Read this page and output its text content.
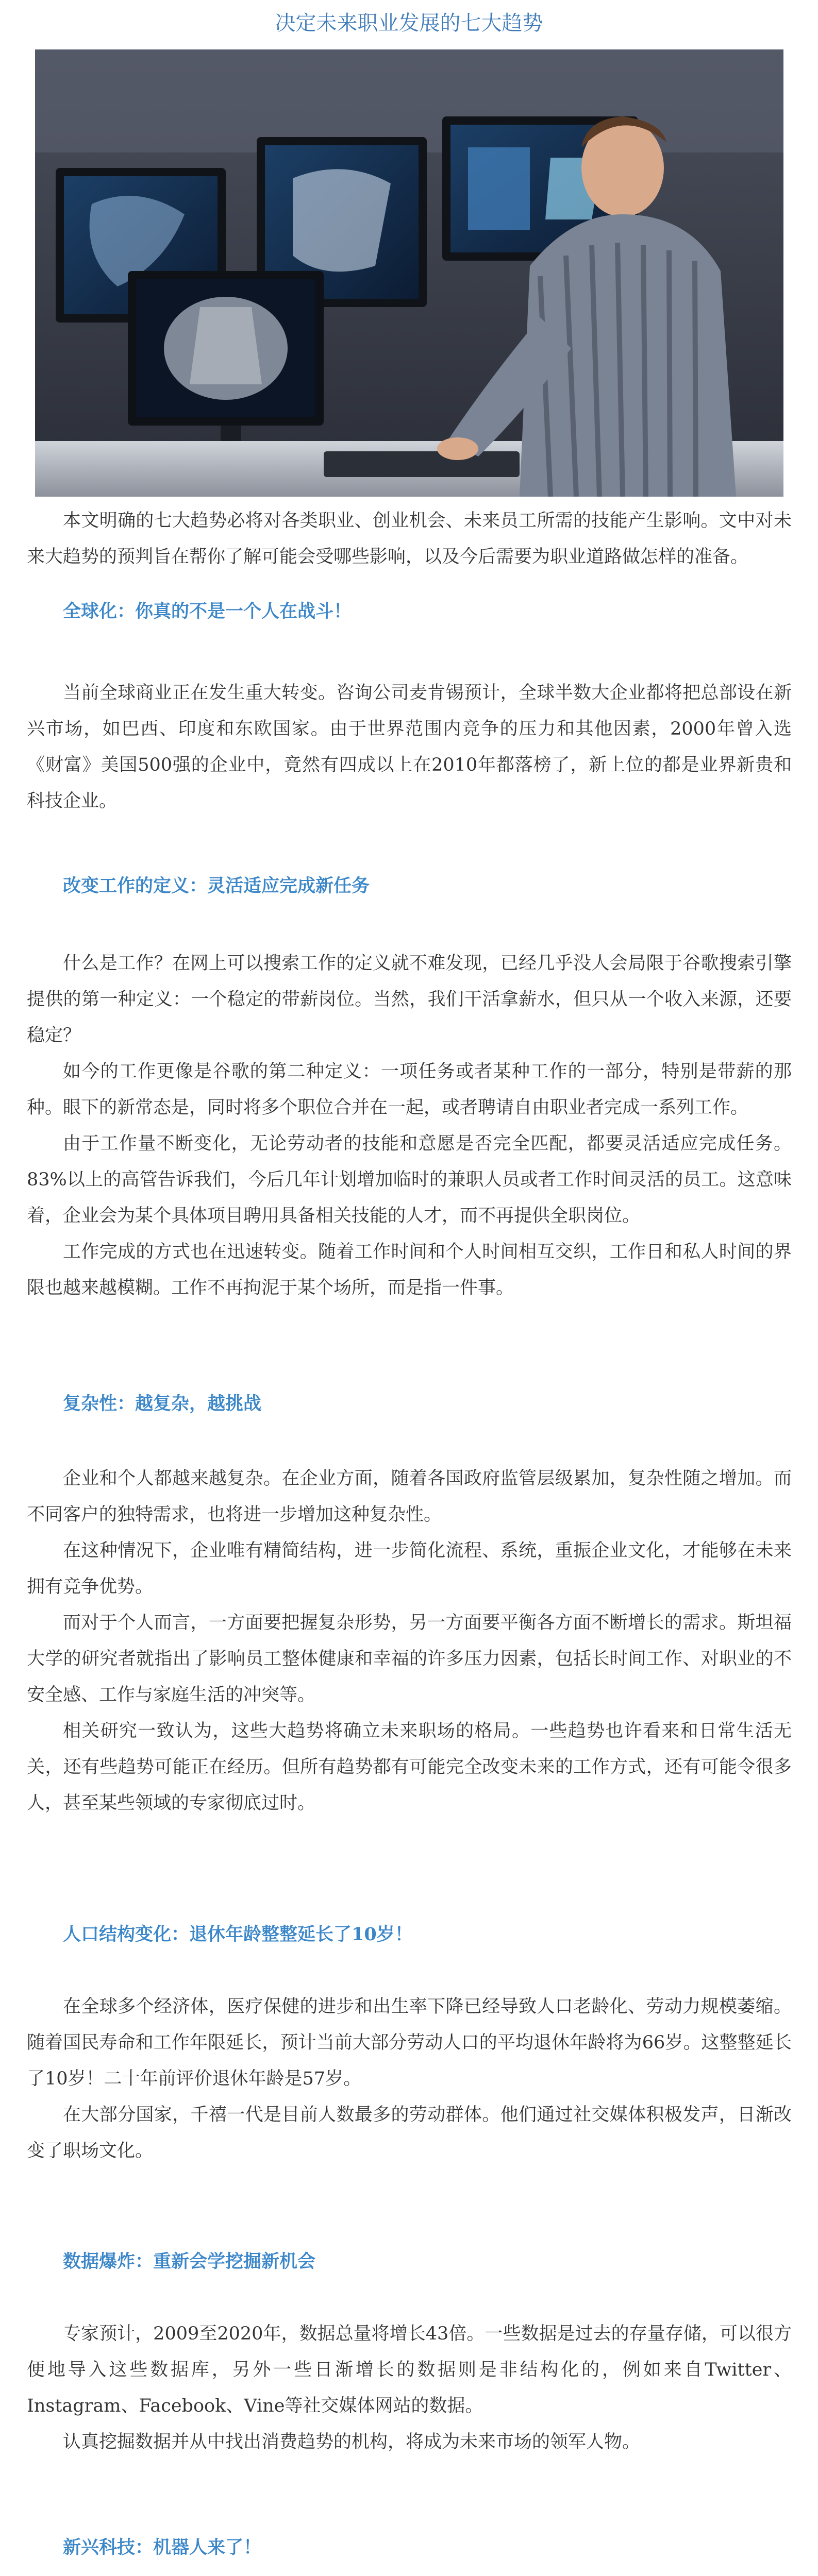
决定未来职业发展的七大趋势

本文明确的七大趋势必将对各类职业、创业机会、未来员工所需的技能产生影响。文中对未来大趋势的预判旨在帮你了解可能会受哪些影响，以及今后需要为职业道路做怎样的准备。

全球化：你真的不是一个人在战斗！

当前全球商业正在发生重大转变。咨询公司麦肯锡预计，全球半数大企业都将把总部设在新兴市场，如巴西、印度和东欧国家。由于世界范围内竞争的压力和其他因素，2000年曾入选《财富》美国500强的企业中，竟然有四成以上在2010年都落榜了，新上位的都是业界新贵和科技企业。

改变工作的定义：灵活适应完成新任务

什么是工作？在网上可以搜索工作的定义就不难发现，已经几乎没人会局限于谷歌搜索引擎提供的第一种定义：一个稳定的带薪岗位。当然，我们干活拿薪水，但只从一个收入来源，还要稳定？

如今的工作更像是谷歌的第二种定义：一项任务或者某种工作的一部分，特别是带薪的那种。眼下的新常态是，同时将多个职位合并在一起，或者聘请自由职业者完成一系列工作。

由于工作量不断变化，无论劳动者的技能和意愿是否完全匹配，都要灵活适应完成任务。83%以上的高管告诉我们，今后几年计划增加临时的兼职人员或者工作时间灵活的员工。这意味着，企业会为某个具体项目聘用具备相关技能的人才，而不再提供全职岗位。

工作完成的方式也在迅速转变。随着工作时间和个人时间相互交织，工作日和私人时间的界限也越来越模糊。工作不再拘泥于某个场所，而是指一件事。

复杂性：越复杂，越挑战

企业和个人都越来越复杂。在企业方面，随着各国政府监管层级累加，复杂性随之增加。而不同客户的独特需求，也将进一步增加这种复杂性。

在这种情况下，企业唯有精简结构，进一步简化流程、系统，重振企业文化，才能够在未来拥有竞争优势。

而对于个人而言，一方面要把握复杂形势，另一方面要平衡各方面不断增长的需求。斯坦福大学的研究者就指出了影响员工整体健康和幸福的许多压力因素，包括长时间工作、对职业的不安全感、工作与家庭生活的冲突等。

相关研究一致认为，这些大趋势将确立未来职场的格局。一些趋势也许看来和日常生活无关，还有些趋势可能正在经历。但所有趋势都有可能完全改变未来的工作方式，还有可能令很多人，甚至某些领域的专家彻底过时。

人口结构变化：退休年龄整整延长了10岁！

在全球多个经济体，医疗保健的进步和出生率下降已经导致人口老龄化、劳动力规模萎缩。随着国民寿命和工作年限延长，预计当前大部分劳动人口的平均退休年龄将为66岁。这整整延长了10岁！二十年前评价退休年龄是57岁。

在大部分国家，千禧一代是目前人数最多的劳动群体。他们通过社交媒体积极发声，日渐改变了职场文化。

数据爆炸：重新会学挖掘新机会

专家预计，2009至2020年，数据总量将增长43倍。一些数据是过去的存量存储，可以很方便地导入这些数据库，另外一些日渐增长的数据则是非结构化的，例如来自Twitter、Instagram、Facebook、Vine等社交媒体网站的数据。

认真挖掘数据并从中找出消费趋势的机构，将成为未来市场的领军人物。

新兴科技：机器人来了！
